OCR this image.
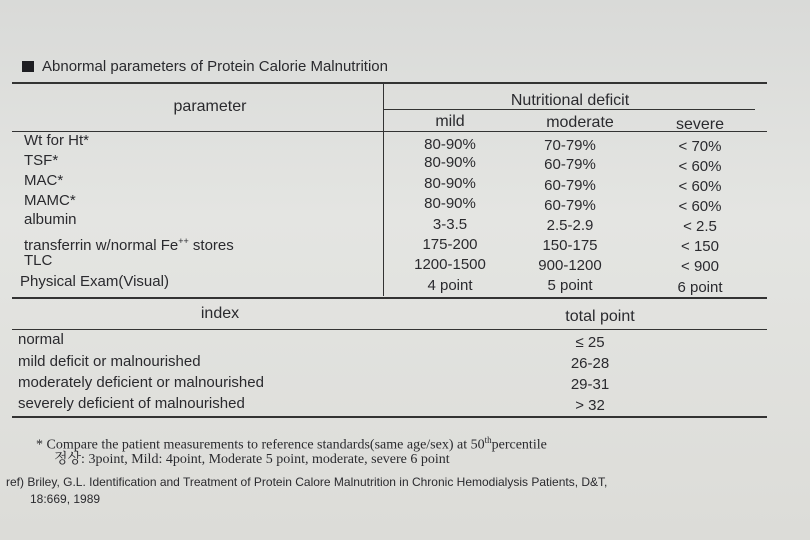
Abnormal parameters of Protein Calorie Malnutrition
parameter	Nutritional deficit
mild	moderate	severe
Wt for Ht*	80-90%	70-79%	< 70%
TSF*	80-90%	60-79%	< 60%
MAC*	80-90%	60-79%	< 60%
MAMC*	80-90%	60-79%	< 60%
albumin	3-3.5	2.5-2.9	< 2.5
transferrin w/normal Fe++ stores	175-200	150-175	< 150
TLC	1200-1500	900-1200	< 900
Physical Exam(Visual)	4 point	5 point	6 point
index	total point
normal	≤ 25
mild deficit or malnourished	26-28
moderately deficient or malnourished	29-31
severely deficient of malnourished	> 32
* Compare the patient measurements to reference standards(same age/sex) at 50thpercentile
정상: 3point, Mild: 4point, Moderate 5 point, moderate, severe 6 point
ref) Briley, G.L. Identification and Treatment of Protein Calore Malnutrition in Chronic Hemodialysis Patients, D&T,
18:669, 1989
